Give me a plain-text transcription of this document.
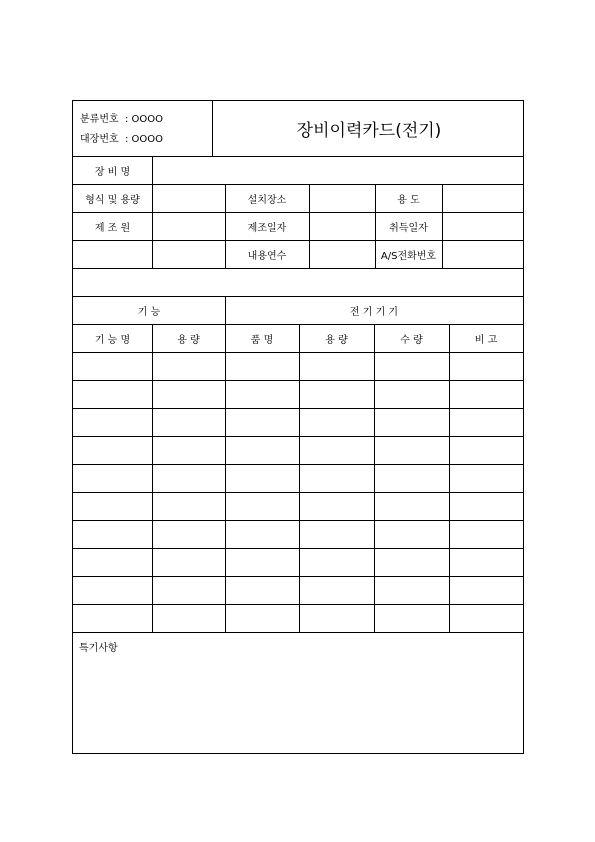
분류번호  : OOOO
대장번호  : OOOO	장비이력카드(전기)
장 비 명
형식 및 용량	설치장소	용 도
제 조 원	제조일자	취득일자
내용연수	A/S전화번호
기 능	전 기 기 기
기 능 명	용 량	품 명	용 량	수 량	비 고
특기사항
